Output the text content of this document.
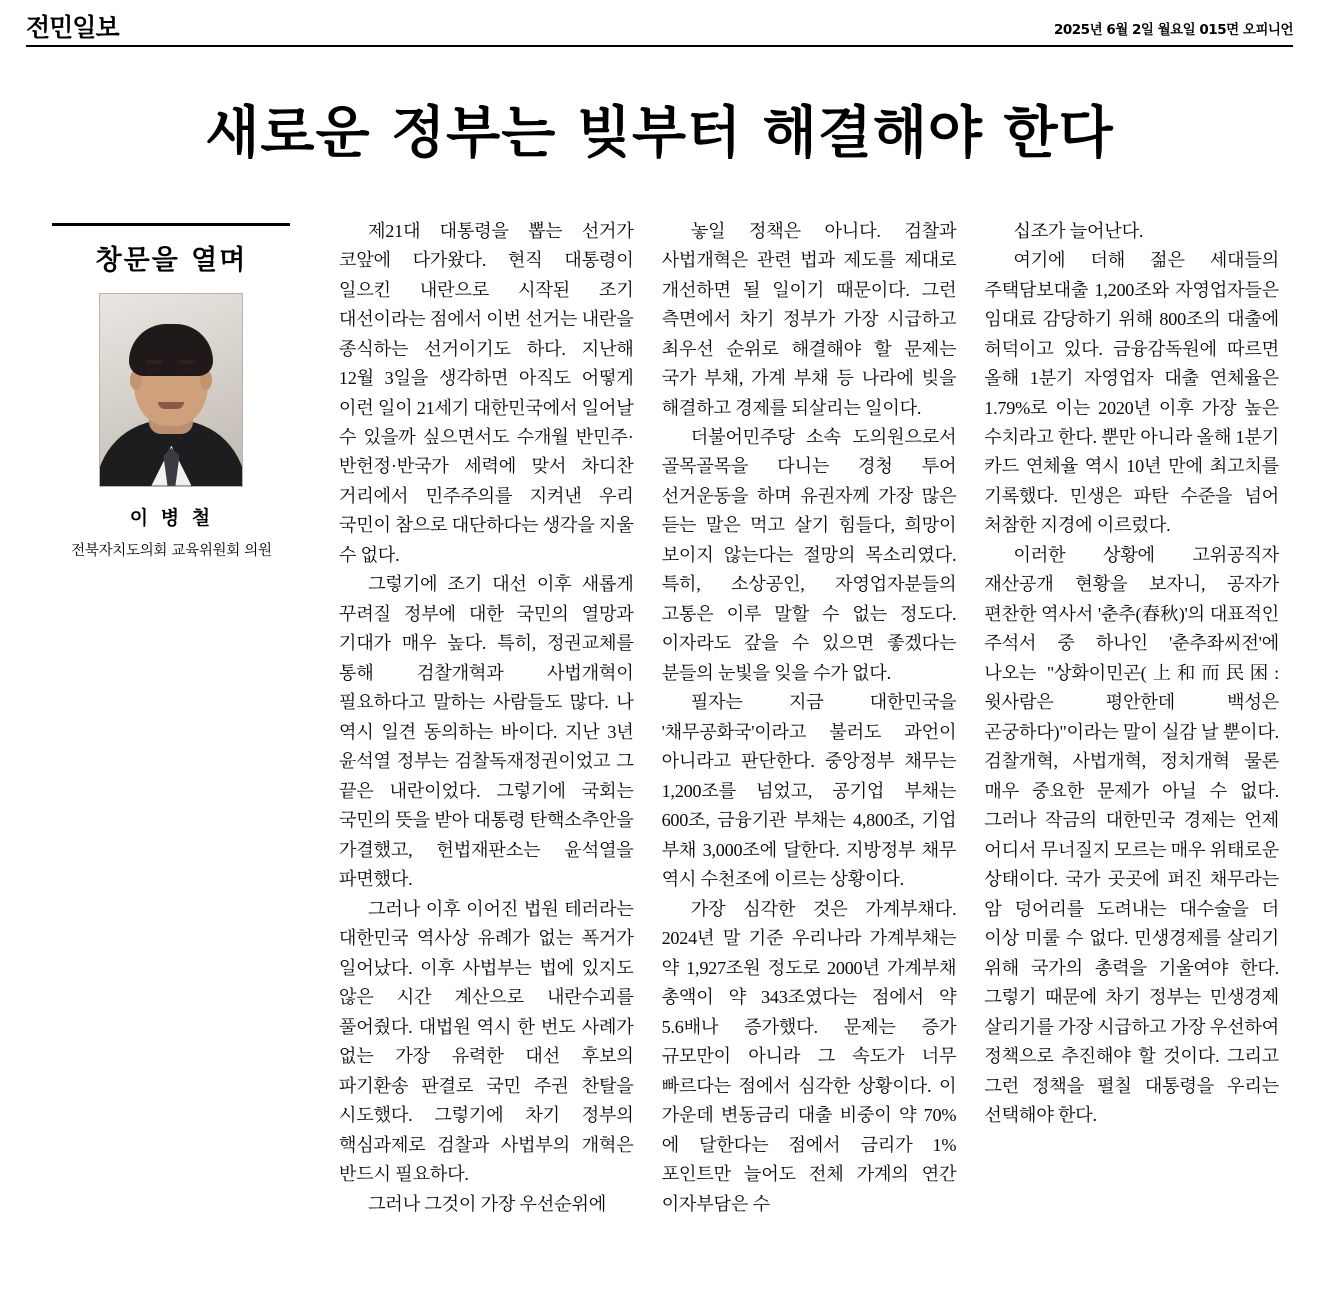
전민일보	2025년 6월 2일 월요일 015면 오피니언
새로운 정부는 빚부터 해결해야 한다
창문을 열며
이 병 철
전북자치도의회 교육위원회 의원

제21대 대통령을 뽑는 선거가 코앞에 다가왔다. 현직 대통령이 일으킨 내란으로 시작된 조기 대선이라는 점에서 이번 선거는 내란을 종식하는 선거이기도 하다. 지난해 12월 3일을 생각하면 아직도 어떻게 이런 일이 21세기 대한민국에서 일어날 수 있을까 싶으면서도 수개월 반민주·반헌정·반국가 세력에 맞서 차디찬 거리에서 민주주의를 지켜낸 우리 국민이 참으로 대단하다는 생각을 지울 수 없다.

그렇기에 조기 대선 이후 새롭게 꾸려질 정부에 대한 국민의 열망과 기대가 매우 높다. 특히, 정권교체를 통해 검찰개혁과 사법개혁이 필요하다고 말하는 사람들도 많다. 나 역시 일견 동의하는 바이다. 지난 3년 윤석열 정부는 검찰독재정권이었고 그 끝은 내란이었다. 그렇기에 국회는 국민의 뜻을 받아 대통령 탄핵소추안을 가결했고, 헌법재판소는 윤석열을 파면했다.

그러나 이후 이어진 법원 테러라는 대한민국 역사상 유례가 없는 폭거가 일어났다. 이후 사법부는 법에 있지도 않은 시간 계산으로 내란수괴를 풀어줬다. 대법원 역시 한 번도 사례가 없는 가장 유력한 대선 후보의 파기환송 판결로 국민 주권 찬탈을 시도했다. 그렇기에 차기 정부의 핵심과제로 검찰과 사법부의 개혁은 반드시 필요하다.

그러나 그것이 가장 우선순위에

놓일 정책은 아니다. 검찰과 사법개혁은 관련 법과 제도를 제대로 개선하면 될 일이기 때문이다. 그런 측면에서 차기 정부가 가장 시급하고 최우선 순위로 해결해야 할 문제는 국가 부채, 가계 부채 등 나라에 빚을 해결하고 경제를 되살리는 일이다.

더불어민주당 소속 도의원으로서 골목골목을 다니는 경청 투어 선거운동을 하며 유권자께 가장 많은 듣는 말은 먹고 살기 힘들다, 희망이 보이지 않는다는 절망의 목소리였다. 특히, 소상공인, 자영업자분들의 고통은 이루 말할 수 없는 정도다. 이자라도 갚을 수 있으면 좋겠다는 분들의 눈빛을 잊을 수가 없다.

필자는 지금 대한민국을 '채무공화국'이라고 불러도 과언이 아니라고 판단한다. 중앙정부 채무는 1,200조를 넘었고, 공기업 부채는 600조, 금융기관 부채는 4,800조, 기업 부채 3,000조에 달한다. 지방정부 채무 역시 수천조에 이르는 상황이다.

가장 심각한 것은 가계부채다. 2024년 말 기준 우리나라 가계부채는 약 1,927조원 정도로 2000년 가계부채 총액이 약 343조였다는 점에서 약 5.6배나 증가했다. 문제는 증가 규모만이 아니라 그 속도가 너무 빠르다는 점에서 심각한 상황이다. 이 가운데 변동금리 대출 비중이 약 70%에 달한다는 점에서 금리가 1%포인트만 늘어도 전체 가계의 연간 이자부담은 수

십조가 늘어난다.

여기에 더해 젊은 세대들의 주택담보대출 1,200조와 자영업자들은 임대료 감당하기 위해 800조의 대출에 허덕이고 있다. 금융감독원에 따르면 올해 1분기 자영업자 대출 연체율은 1.79%로 이는 2020년 이후 가장 높은 수치라고 한다. 뿐만 아니라 올해 1분기 카드 연체율 역시 10년 만에 최고치를 기록했다. 민생은 파탄 수준을 넘어 처참한 지경에 이르렀다.

이러한 상황에 고위공직자 재산공개 현황을 보자니, 공자가 편찬한 역사서 '춘추(春秋)'의 대표적인 주석서 중 하나인 '춘추좌씨전'에 나오는 "상화이민곤(上和而民困: 윗사람은 평안한데 백성은 곤궁하다)"이라는 말이 실감 날 뿐이다. 검찰개혁, 사법개혁, 정치개혁 물론 매우 중요한 문제가 아닐 수 없다. 그러나 작금의 대한민국 경제는 언제 어디서 무너질지 모르는 매우 위태로운 상태이다. 국가 곳곳에 퍼진 채무라는 암 덩어리를 도려내는 대수술을 더 이상 미룰 수 없다. 민생경제를 살리기 위해 국가의 총력을 기울여야 한다. 그렇기 때문에 차기 정부는 민생경제 살리기를 가장 시급하고 가장 우선하여 정책으로 추진해야 할 것이다. 그리고 그런 정책을 펼칠 대통령을 우리는 선택해야 한다.
